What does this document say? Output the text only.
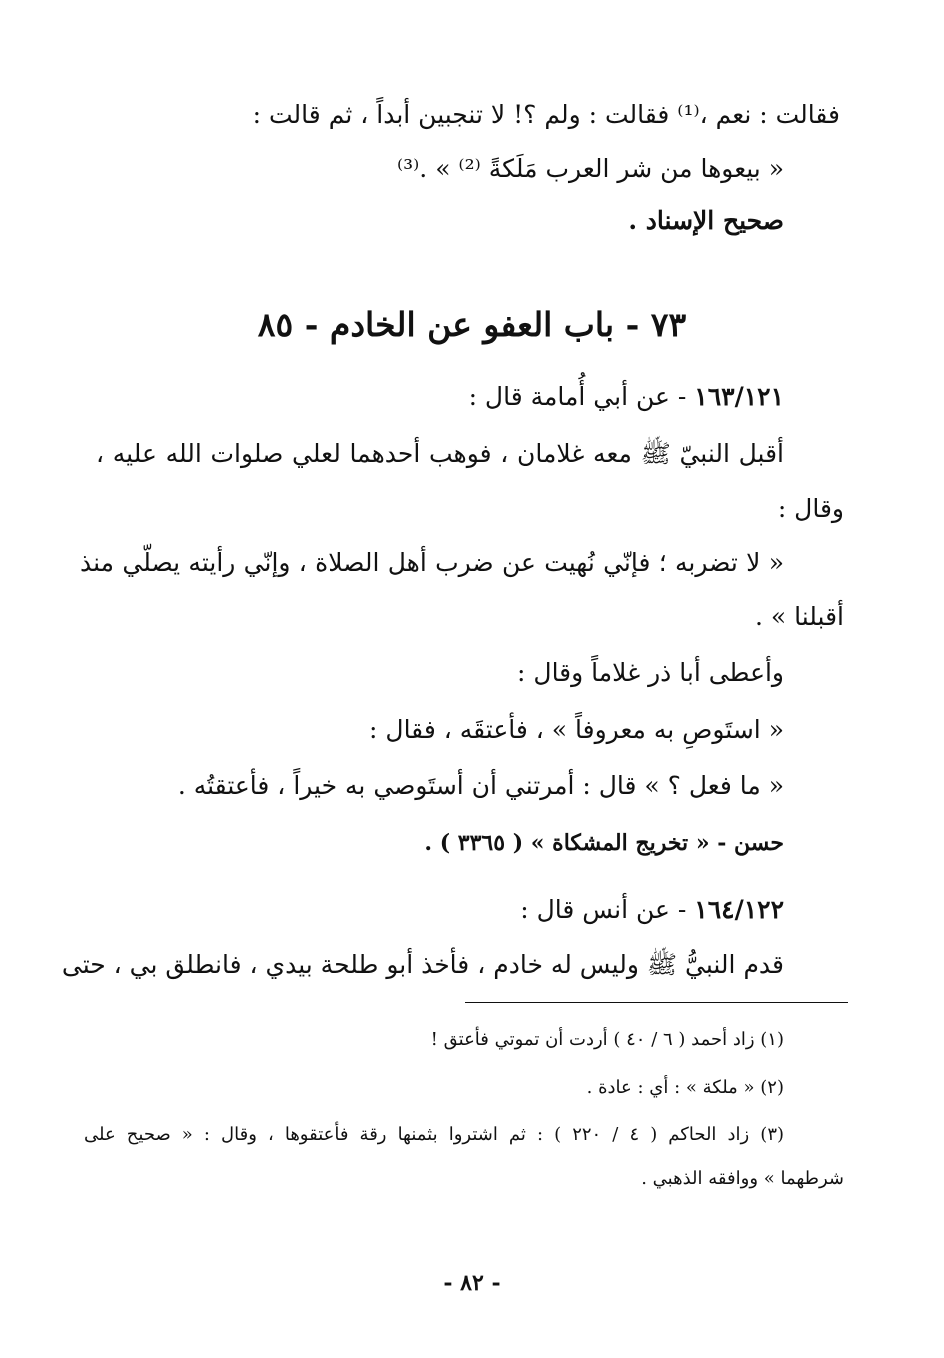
فقالت : نعم ،⁽¹⁾ فقالت : ولم ؟! لا تنجبين أبداً ، ثم قالت :
« بيعوها من شر العرب مَلَكةً ⁽²⁾ » .⁽³⁾
صحيح الإسناد .
٧٣ - باب العفو عن الخادم - ٨٥
١٦٣/١٢١ - عن أبي أُمامة قال :
أقبل النبيّ ﷺ معه غلامان ، فوهب أحدهما لعلي صلوات الله عليه ،
وقال :
« لا تضربه ؛ فإنّي نُهيت عن ضرب أهل الصلاة ، وإنّي رأيته يصلّي منذ
أقبلنا » .
وأعطى أبا ذر غلاماً وقال :
« استَوصِ به معروفاً » ، فأعتقَه ، فقال :
« ما فعل ؟ » قال : أمرتني أن أستَوصي به خيراً ، فأعتقتُه .
حسن - « تخريج المشكاة » ( ٣٣٦٥ ) .
١٦٤/١٢٢ - عن أنس قال :
قدم النبيُّ ﷺ وليس له خادم ، فأخذ أبو طلحة بيدي ، فانطلق بي ، حتى
(١) زاد أحمد ( ٦ / ٤٠ ) أردت أن تموتي فأعتق !
(٢) « ملكة » : أي : عادة .
(٣) زاد الحاكم ( ٤ / ٢٢٠ ) : ثم اشتروا بثمنها رقة فأعتقوها ، وقال : « صحيح على
شرطهما » ووافقه الذهبي .
- ٨٢ -
